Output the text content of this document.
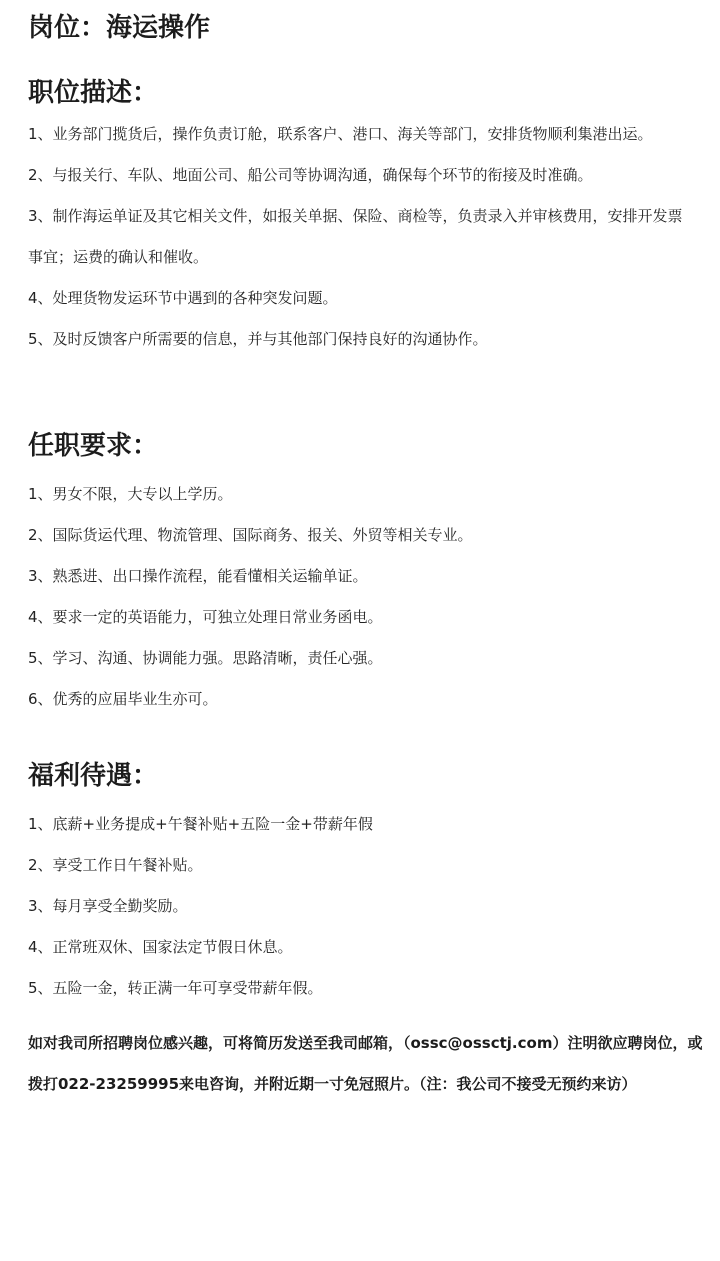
岗位：海运操作
职位描述：
1、业务部门揽货后，操作负责订舱，联系客户、港口、海关等部门，安排货物顺利集港出运。
2、与报关行、车队、地面公司、船公司等协调沟通，确保每个环节的衔接及时准确。
3、制作海运单证及其它相关文件，如报关单据、保险、商检等，负责录入并审核费用，安排开发票事宜；运费的确认和催收。
4、处理货物发运环节中遇到的各种突发问题。
5、及时反馈客户所需要的信息，并与其他部门保持良好的沟通协作。
任职要求：
1、男女不限，大专以上学历。
2、国际货运代理、物流管理、国际商务、报关、外贸等相关专业。
3、熟悉进、出口操作流程，能看懂相关运输单证。
4、要求一定的英语能力，可独立处理日常业务函电。
5、学习、沟通、协调能力强。思路清晰，责任心强。
6、优秀的应届毕业生亦可。
福利待遇：
1、底薪+业务提成+午餐补贴+五险一金+带薪年假
2、享受工作日午餐补贴。
3、每月享受全勤奖励。
4、正常班双休、国家法定节假日休息。
5、五险一金，转正满一年可享受带薪年假。

如对我司所招聘岗位感兴趣，可将简历发送至我司邮箱，（ossc@ossctj.com）注明欲应聘岗位，或拨打022-23259995来电咨询，并附近期一寸免冠照片。（注：我公司不接受无预约来访）
